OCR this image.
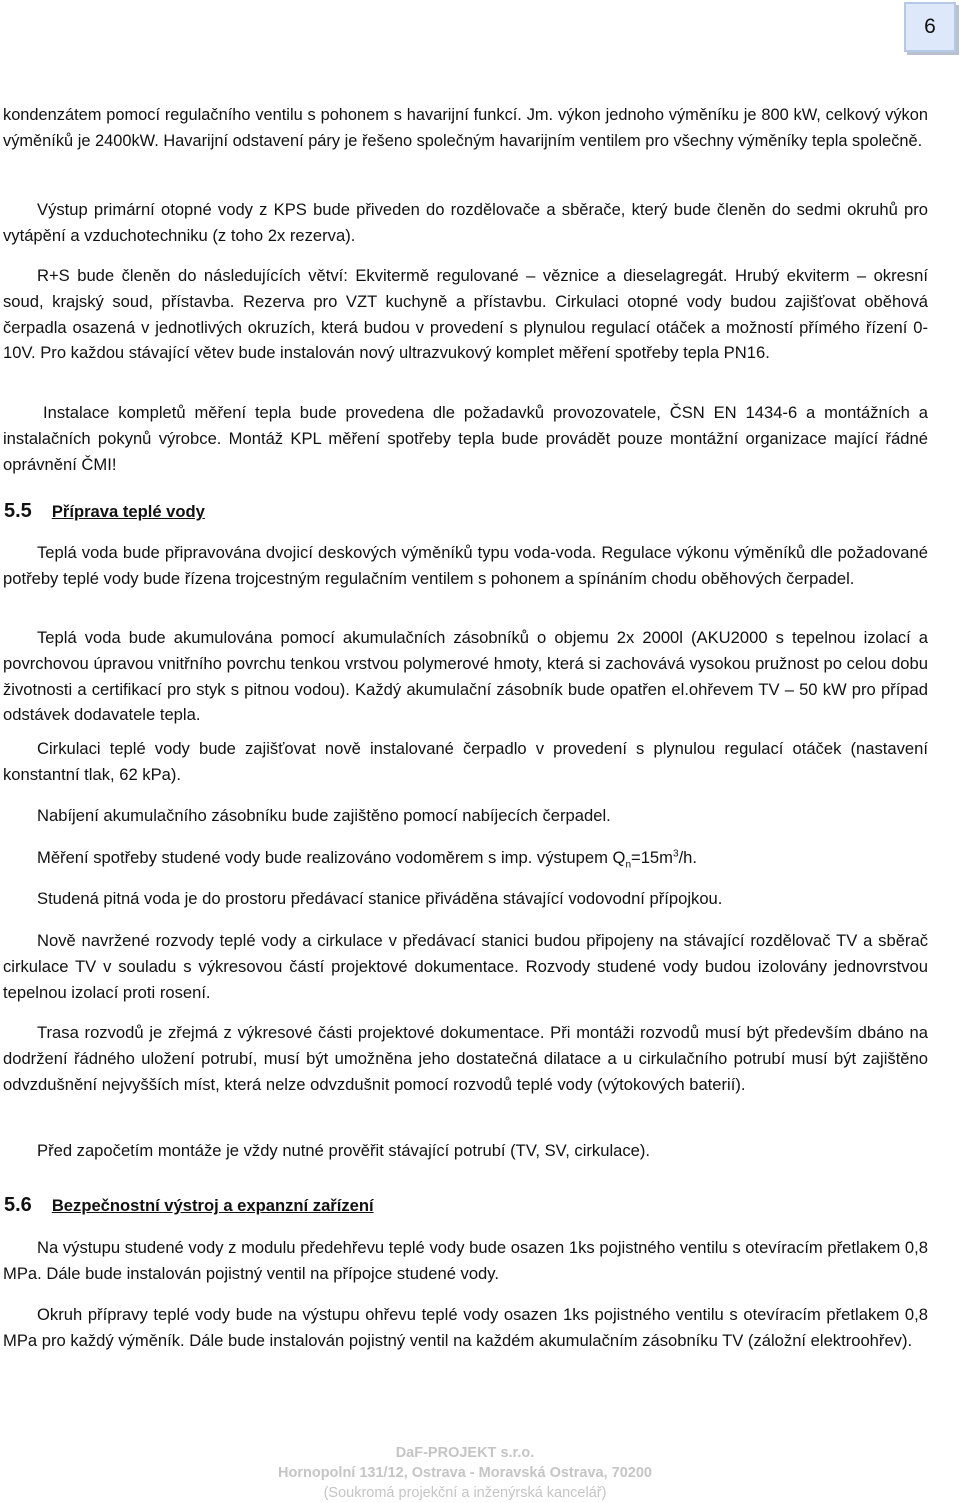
6

kondenzátem pomocí regulačního ventilu s pohonem s havarijní funkcí. Jm. výkon jednoho výměníku je 800 kW, celkový výkon výměníků je 2400kW. Havarijní odstavení páry je řešeno společným havarijním ventilem pro všechny výměníky tepla společně.

Výstup primární otopné vody z KPS bude přiveden do rozdělovače a sběrače, který bude členěn do sedmi okruhů pro vytápění a vzduchotechniku (z toho 2x rezerva).

R+S bude členěn do následujících větví: Ekvitermě regulované – věznice a dieselagregát. Hrubý ekviterm – okresní soud, krajský soud, přístavba. Rezerva pro VZT kuchyně a přístavbu. Cirkulaci otopné vody budou zajišťovat oběhová čerpadla osazená v jednotlivých okruzích, která budou v provedení s plynulou regulací otáček a možností přímého řízení 0-10V. Pro každou stávající větev bude instalován nový ultrazvukový komplet měření spotřeby tepla PN16.

Instalace kompletů měření tepla bude provedena dle požadavků provozovatele, ČSN EN 1434-6 a montážních a instalačních pokynů výrobce. Montáž KPL měření spotřeby tepla bude provádět pouze montážní organizace mající řádné oprávnění ČMI!

5.5 Příprava teplé vody

Teplá voda bude připravována dvojicí deskových výměníků typu voda-voda. Regulace výkonu výměníků dle požadované potřeby teplé vody bude řízena trojcestným regulačním ventilem s pohonem a spínáním chodu oběhových čerpadel.

Teplá voda bude akumulována pomocí akumulačních zásobníků o objemu 2x 2000l (AKU2000 s tepelnou izolací a povrchovou úpravou vnitřního povrchu tenkou vrstvou polymerové hmoty, která si zachovává vysokou pružnost po celou dobu životnosti a certifikací pro styk s pitnou vodou). Každý akumulační zásobník bude opatřen el.ohřevem TV – 50 kW pro případ odstávek dodavatele tepla.

Cirkulaci teplé vody bude zajišťovat nově instalované čerpadlo v provedení s plynulou regulací otáček (nastavení konstantní tlak, 62 kPa).

Nabíjení akumulačního zásobníku bude zajištěno pomocí nabíjecích čerpadel.

Měření spotřeby studené vody bude realizováno vodoměrem s imp. výstupem $Q_n=15m^3/h$.

Studená pitná voda je do prostoru předávací stanice přiváděna stávající vodovodní přípojkou.

Nově navržené rozvody teplé vody a cirkulace v předávací stanici budou připojeny na stávající rozdělovač TV a sběrač cirkulace TV v souladu s výkresovou částí projektové dokumentace. Rozvody studené vody budou izolovány jednovrstvou tepelnou izolací proti rosení.

Trasa rozvodů je zřejmá z výkresové části projektové dokumentace. Při montáži rozvodů musí být především dbáno na dodržení řádného uložení potrubí, musí být umožněna jeho dostatečná dilatace a u cirkulačního potrubí musí být zajištěno odvzdušnění nejvyšších míst, která nelze odvzdušnit pomocí rozvodů teplé vody (výtokových baterií).

Před započetím montáže je vždy nutné prověřit stávající potrubí (TV, SV, cirkulace).

5.6 Bezpečnostní výstroj a expanzní zařízení

Na výstupu studené vody z modulu předehřevu teplé vody bude osazen 1ks pojistného ventilu s otevíracím přetlakem 0,8 MPa. Dále bude instalován pojistný ventil na přípojce studené vody.

Okruh přípravy teplé vody bude na výstupu ohřevu teplé vody osazen 1ks pojistného ventilu s otevíracím přetlakem 0,8 MPa pro každý výměník. Dále bude instalován pojistný ventil na každém akumulačním zásobníku TV (záložní elektroohřev).

DaF-PROJEKT s.r.o.
Hornopolní 131/12, Ostrava - Moravská Ostrava, 70200
(Soukromá projekční a inženýrská kancelář)
